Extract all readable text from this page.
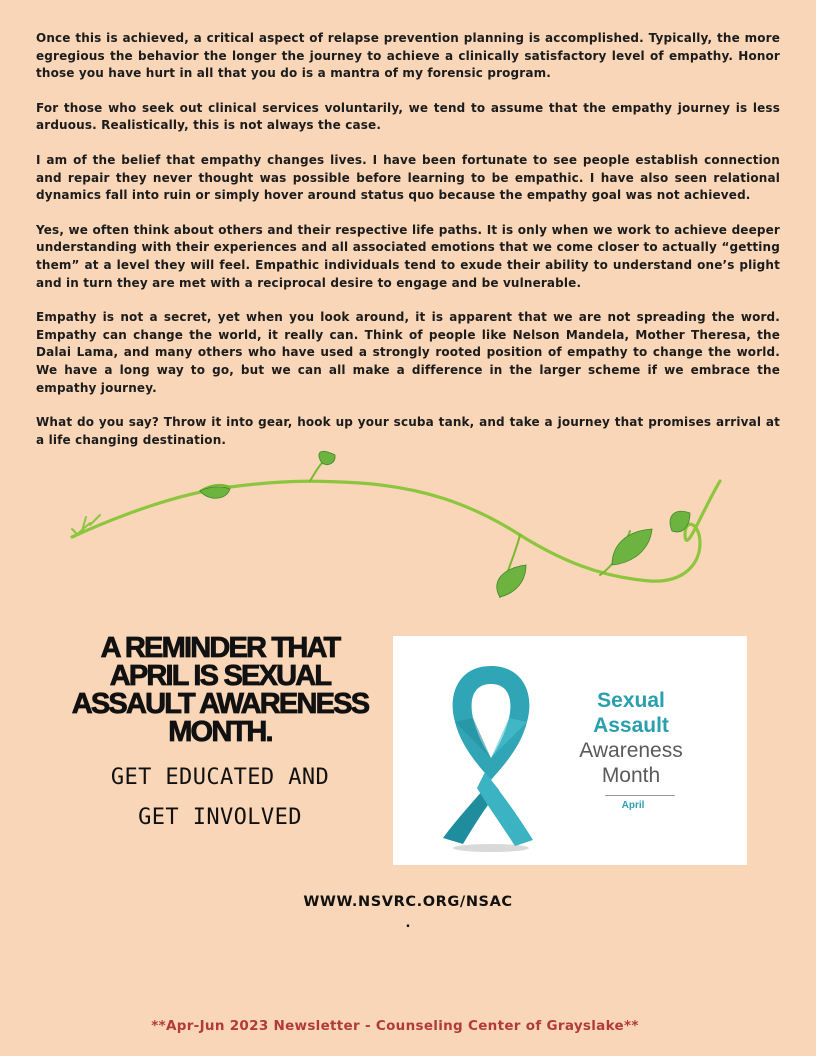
Once this is achieved, a critical aspect of relapse prevention planning is accomplished. Typically, the more egregious the behavior the longer the journey to achieve a clinically satisfactory level of empathy. Honor those you have hurt in all that you do is a mantra of my forensic program.

For those who seek out clinical services voluntarily, we tend to assume that the empathy journey is less arduous. Realistically, this is not always the case.

I am of the belief that empathy changes lives. I have been fortunate to see people establish connection and repair they never thought was possible before learning to be empathic. I have also seen relational dynamics fall into ruin or simply hover around status quo because the empathy goal was not achieved.

Yes, we often think about others and their respective life paths. It is only when we work to achieve deeper understanding with their experiences and all associated emotions that we come closer to actually “getting them” at a level they will feel. Empathic individuals tend to exude their ability to understand one’s plight and in turn they are met with a reciprocal desire to engage and be vulnerable.

Empathy is not a secret, yet when you look around, it is apparent that we are not spreading the word. Empathy can change the world, it really can. Think of people like Nelson Mandela, Mother Theresa, the Dalai Lama, and many others who have used a strongly rooted position of empathy to change the world. We have a long way to go, but we can all make a difference in the larger scheme if we embrace the empathy journey.

What do you say? Throw it into gear, hook up your scuba tank, and take a journey that promises arrival at a life changing destination.

A REMINDER THAT
APRIL IS SEXUAL
ASSAULT AWARENESS
MONTH.
GET EDUCATED AND
GET INVOLVED
Sexual
Assault
Awareness
Month
April
WWW.NSVRC.ORG/NSAC
.
**Apr-Jun 2023 Newsletter - Counseling Center of Grayslake**
